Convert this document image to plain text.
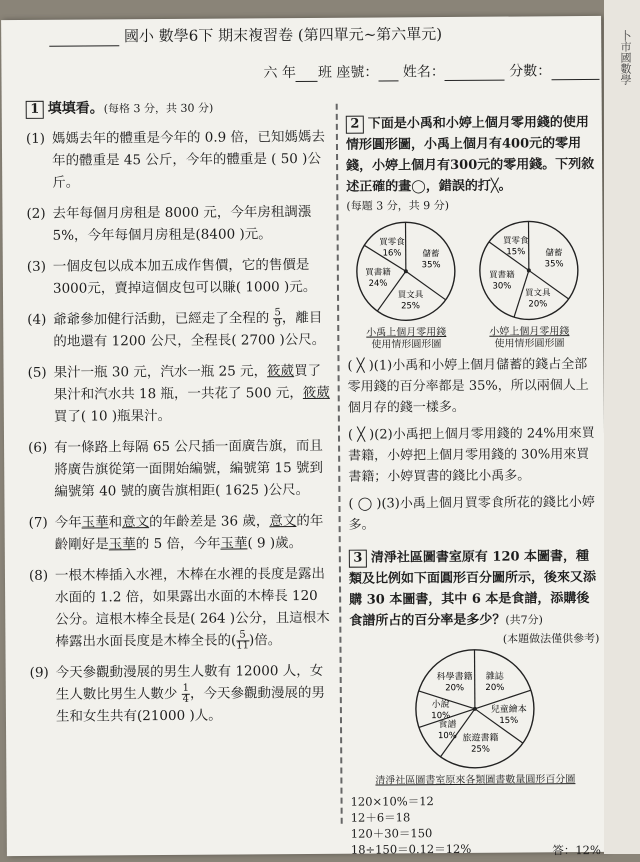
國小 數學6下 期末複習卷 (第四單元~第六單元)
六 年 班 座號： 姓名：	分數：
1 填填看。(每格 3 分，共 30 分)
(1) 媽媽去年的體重是今年的 0.9 倍，已知媽媽去年的體重是 45 公斤，今年的體重是 ( 50 )公斤。
(2) 去年每個月房租是 8000 元，今年房租調漲 5%，今年每個月房租是(8400 )元。
(3) 一個皮包以成本加五成作售價，它的售價是3000元，賣掉這個皮包可以賺( 1000 )元。
(4) 爺爺參加健行活動，已經走了全程的 $\frac{5}{9}$ ，離目的地還有 1200 公尺，全程長( 2700 )公尺。
(5) 果汁一瓶 30 元，汽水一瓶 25 元，筱葳買了果汁和汽水共 18 瓶，一共花了 500 元，筱葳買了( 10 )瓶果汁。
(6) 有一條路上每隔 65 公尺插一面廣告旗，而且將廣告旗從第一面開始編號，編號第 15 號到編號第 40 號的廣告旗相距( 1625 )公尺。
(7) 今年玉華和意文的年齡差是 36 歲，意文的年齡剛好是玉華的 5 倍，今年玉華( 9 )歲。
(8) 一根木棒插入水裡，木棒在水裡的長度是露出水面的 1.2 倍，如果露出水面的木棒長 120 公分。這根木棒全長是( 264 )公分，且這根木棒露出水面長度是木棒全長的( $\frac{5}{11}$ )倍。
(9) 今天參觀動漫展的男生人數有 12000 人，女生人數比男生人數少 $\frac{1}{4}$ ，今天參觀動漫展的男生和女生共有(21000 )人。
2 下面是小禹和小婷上個月零用錢的使用情形圓形圖，小禹上個月有400元的零用錢，小婷上個月有300元的零用錢。下列敘述正確的畫◯，錯誤的打╳。
(每題 3 分，共 9 分)
儲蓄
35%
買文具
25%
買書籍
24%
買零食
16%
小禹上個月零用錢
使用情形圓形圖

儲蓄
35%
買文具
20%
買書籍
30%
買零食
15%
小婷上個月零用錢
使用情形圓形圖
( ╳ )(1)小禹和小婷上個月儲蓄的錢占全部零用錢的百分率都是 35%，所以兩個人上個月存的錢一樣多。
( ╳ )(2)小禹把上個月零用錢的 24%用來買書籍，小婷把上個月零用錢的 30%用來買書籍；小婷買書的錢比小禹多。
( ◯ )(3)小禹上個月買零食所花的錢比小婷多。
3 清淨社區圖書室原有 120 本圖書，種類及比例如下面圓形百分圖所示，後來又添購 30 本圖書，其中 6 本是食譜，添購後食譜所占的百分率是多少？(共7分)
(本題做法僅供參考)
科學書籍
20%
雜誌
20%
兒童繪本
15%
旅遊書籍
25%
食譜
10%
小說
10%
清淨社區圖書室原來各類圖書數量圓形百分圖
120×10%＝12
12＋6＝18
120＋30＝150
18÷150＝0.12＝12%	答：12%
卜市國數學
